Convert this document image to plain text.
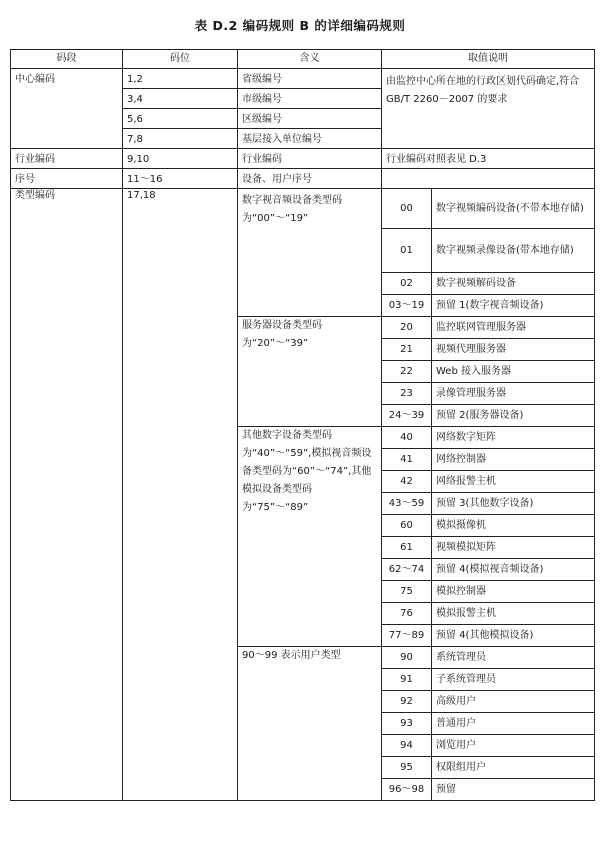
表 D.2 编码规则 B 的详细编码规则
码段	码位	含义	取值说明	
中心编码	1,2	省级编号	由监控中心所在地的行政区划代码确定,符合 GB/T 2260－2007 的要求	
	3,4	市级编号		
	5,6	区级编号		
	7,8	基层接入单位编号		
行业编码	9,10	行业编码	行业编码对照表见 D.3	
序号	11～16	设备、用户序号		
类型编码	17,18	数字视音频设备类型码为“00”～“19”	00	数字视频编码设备(不带本地存储)
			01	数字视频录像设备(带本地存储)
			02	数字视频解码设备
			03～19	预留 1(数字视音频设备)
		服务器设备类型码为“20”～“39”	20	监控联网管理服务器
			21	视频代理服务器
			22	Web 接入服务器
			23	录像管理服务器
			24～39	预留 2(服务器设备)
		其他数字设备类型码为“40”～“59”,模拟视音频设备类型码为“60”～“74”,其他模拟设备类型码为“75”～“89”	40	网络数字矩阵
			41	网络控制器
			42	网络报警主机
			43～59	预留 3(其他数字设备)
			60	模拟摄像机
			61	视频模拟矩阵
			62～74	预留 4(模拟视音频设备)
			75	模拟控制器
			76	模拟报警主机
			77～89	预留 4(其他模拟设备)
		90～99 表示用户类型	90	系统管理员
			91	子系统管理员
			92	高级用户
			93	普通用户
			94	浏览用户
			95	权限组用户
			96～98	预留
